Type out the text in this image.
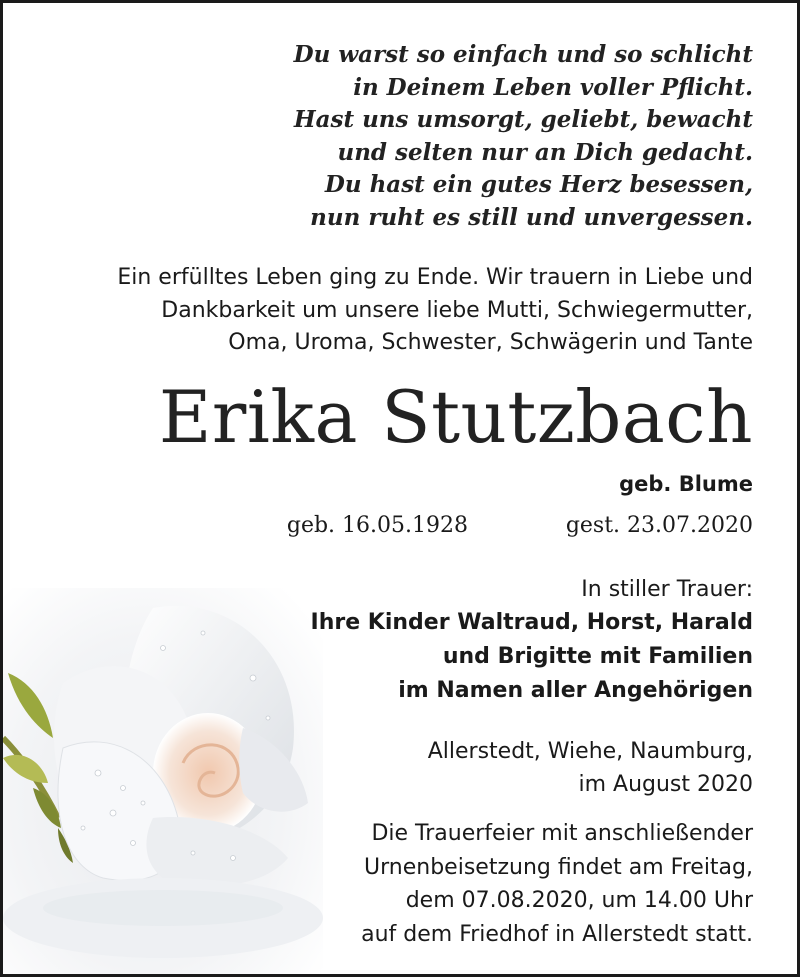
Du warst so einfach und so schlicht
in Deinem Leben voller Pflicht.
Hast uns umsorgt, geliebt, bewacht
und selten nur an Dich gedacht.
Du hast ein gutes Herz besessen,
nun ruht es still und unvergessen.
Ein erfülltes Leben ging zu Ende. Wir trauern in Liebe und
Dankbarkeit um unsere liebe Mutti, Schwiegermutter,
Oma, Uroma, Schwester, Schwägerin und Tante
Erika Stutzbach
geb. Blume
geb. 16.05.1928	gest. 23.07.2020
In stiller Trauer:
Ihre Kinder Waltraud, Horst, Harald
und Brigitte mit Familien
im Namen aller Angehörigen
Allerstedt, Wiehe, Naumburg,
im August 2020
Die Trauerfeier mit anschließender
Urnenbeisetzung findet am Freitag,
dem 07.08.2020, um 14.00 Uhr
auf dem Friedhof in Allerstedt statt.
